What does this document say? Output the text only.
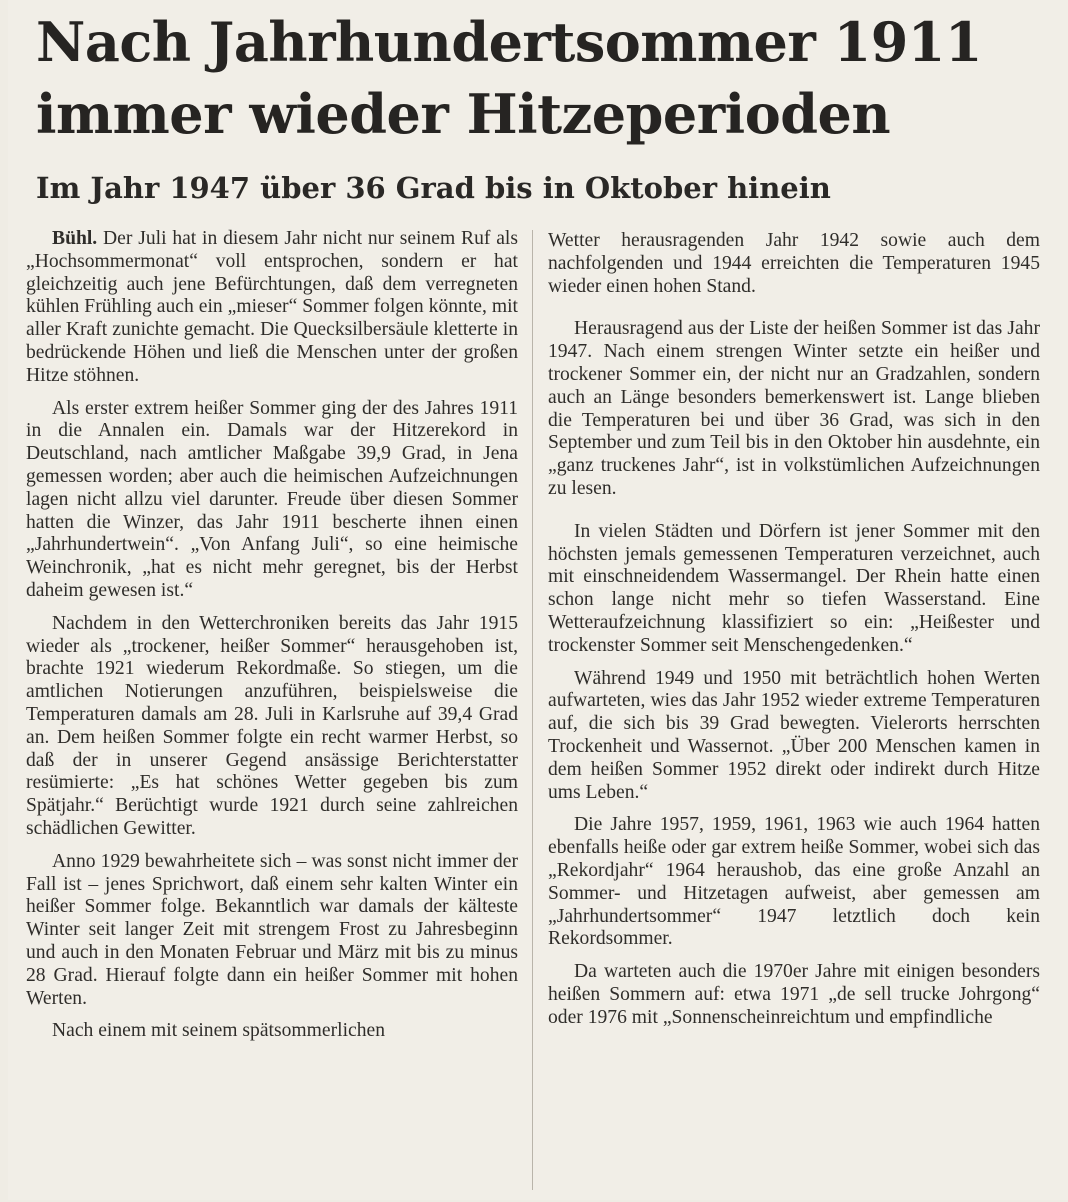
Nach Jahrhundertsommer 1911
immer wieder Hitzeperioden
Im Jahr 1947 über 36 Grad bis in Oktober hinein

Bühl. Der Juli hat in diesem Jahr nicht nur seinem Ruf als „Hochsommermonat“ voll entsprochen, sondern er hat gleichzeitig auch jene Befürchtungen, daß dem verregneten kühlen Frühling auch ein „mieser“ Sommer folgen könnte, mit aller Kraft zunichte gemacht. Die Quecksilbersäule kletterte in bedrückende Höhen und ließ die Menschen unter der großen Hitze stöhnen.

Als erster extrem heißer Sommer ging der des Jahres 1911 in die Annalen ein. Damals war der Hitzerekord in Deutschland, nach amtlicher Maßgabe 39,9 Grad, in Jena gemessen worden; aber auch die heimischen Aufzeichnungen lagen nicht allzu viel darunter. Freude über diesen Sommer hatten die Winzer, das Jahr 1911 bescherte ihnen einen „Jahrhundertwein“. „Von Anfang Juli“, so eine heimische Weinchronik, „hat es nicht mehr geregnet, bis der Herbst daheim gewesen ist.“

Nachdem in den Wetterchroniken bereits das Jahr 1915 wieder als „trockener, heißer Sommer“ herausgehoben ist, brachte 1921 wiederum Rekordmaße. So stiegen, um die amtlichen Notierungen anzuführen, beispielsweise die Temperaturen damals am 28. Juli in Karlsruhe auf 39,4 Grad an. Dem heißen Sommer folgte ein recht warmer Herbst, so daß der in unserer Gegend ansässige Berichterstatter resümierte: „Es hat schönes Wetter gegeben bis zum Spätjahr.“ Berüchtigt wurde 1921 durch seine zahlreichen schädlichen Gewitter.

Anno 1929 bewahrheitete sich – was sonst nicht immer der Fall ist – jenes Sprichwort, daß einem sehr kalten Winter ein heißer Sommer folge. Bekanntlich war damals der kälteste Winter seit langer Zeit mit strengem Frost zu Jahresbeginn und auch in den Monaten Februar und März mit bis zu minus 28 Grad. Hierauf folgte dann ein heißer Sommer mit hohen Werten.

Nach einem mit seinem spätsommerlichen

Wetter herausragenden Jahr 1942 sowie auch dem nachfolgenden und 1944 erreichten die Temperaturen 1945 wieder einen hohen Stand.

Herausragend aus der Liste der heißen Sommer ist das Jahr 1947. Nach einem strengen Winter setzte ein heißer und trockener Sommer ein, der nicht nur an Gradzahlen, sondern auch an Länge besonders bemerkenswert ist. Lange blieben die Temperaturen bei und über 36 Grad, was sich in den September und zum Teil bis in den Oktober hin ausdehnte, ein „ganz truckenes Jahr“, ist in volkstümlichen Aufzeichnungen zu lesen.

In vielen Städten und Dörfern ist jener Sommer mit den höchsten jemals gemessenen Temperaturen verzeichnet, auch mit einschneidendem Wassermangel. Der Rhein hatte einen schon lange nicht mehr so tiefen Wasserstand. Eine Wetteraufzeichnung klassifiziert so ein: „Heißester und trockenster Sommer seit Menschengedenken.“

Während 1949 und 1950 mit beträchtlich hohen Werten aufwarteten, wies das Jahr 1952 wieder extreme Temperaturen auf, die sich bis 39 Grad bewegten. Vielerorts herrschten Trockenheit und Wassernot. „Über 200 Menschen kamen in dem heißen Sommer 1952 direkt oder indirekt durch Hitze ums Leben.“

Die Jahre 1957, 1959, 1961, 1963 wie auch 1964 hatten ebenfalls heiße oder gar extrem heiße Sommer, wobei sich das „Rekordjahr“ 1964 heraushob, das eine große Anzahl an Sommer- und Hitzetagen aufweist, aber gemessen am „Jahrhundertsommer“ 1947 letztlich doch kein Rekordsommer.

Da warteten auch die 1970er Jahre mit einigen besonders heißen Sommern auf: etwa 1971 „de sell trucke Johrgong“ oder 1976 mit „Sonnenscheinreichtum und empfindliche
